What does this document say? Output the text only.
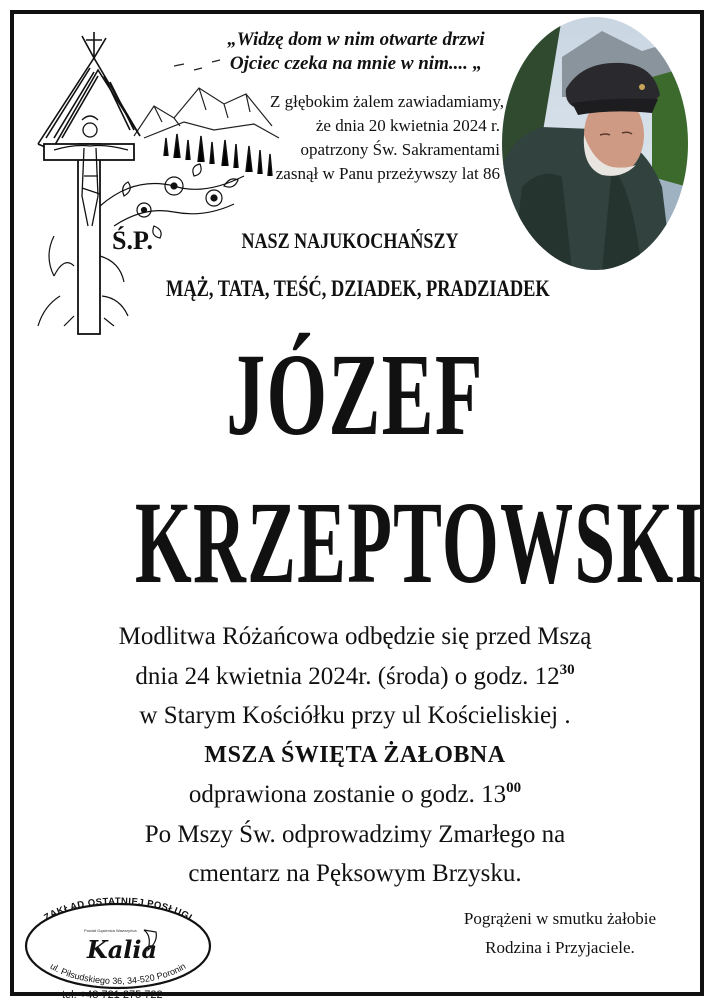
„Widzę dom w nim otwarte drzwi
Ojciec czeka na mnie w nim.... „
Z głębokim żalem zawiadamiamy,
że dnia 20 kwietnia 2024 r.
opatrzony Św. Sakramentami
zasnął w Panu przeżywszy lat 86
Ś.P.	NASZ NAJUKOCHAŃSZY
MĄŻ, TATA, TEŚĆ, DZIADEK, PRADZIADEK
JÓZEF
KRZEPTOWSKI
Modlitwa Różańcowa odbędzie się przed Mszą
dnia 24 kwietnia 2024r. (środa) o godz. $12^{30}$
w Starym Kościółku przy ul Kościeliskiej .
MSZA ŚWIĘTA ŻAŁOBNA
odprawiona zostanie o godz. $13^{00}$
Po Mszy Św. odprowadzimy Zmarłego na
cmentarz na Pęksowym Brzysku.
Pogrążeni w smutku żałobie
Rodzina i Przyjaciele.
ZAKŁAD OSTATNIEJ POSŁUGI
Powiat Gąsienica Wawrzyńca
Kalia
ul. Piłsudskiego 36, 34-520 Poronin
tel. +48 721 275 722
